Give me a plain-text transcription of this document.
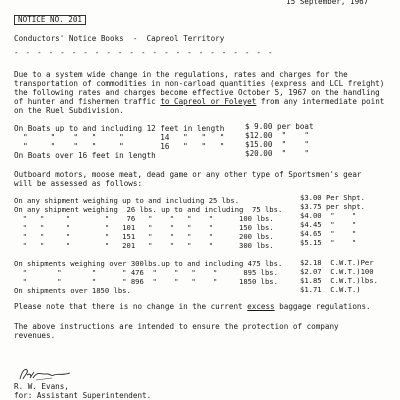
NOTICE NO. 201
15 September, 1967
Conductors' Notice Books  -  Capreol Territory
- - - - - - - - - - - - - - - - - - - - - - -
Due to a system wide change in the regulations, rates and charges for the
transportation of commodities in non-carload quantities (express and LCL freight)
the following rates and charges become effective October 5, 1967 on the handling
of hunter and fishermen traffic to Capreol or Foleyet from any intermediate point
on the Ruel Subdivision.
On Boats up to and including 12 feet in length	$ 9.00 per boat
"     "    "   "     "        14   "   "   "	$12.00  "    "
"     "    "   "     "        16   "   "   "	$15.00  "    "
On Boats over 16 feet in length	$20.00  "    "
Outboard motors, moose meat, dead game or any other type of Sportsmen's gear
will be assessed as follows:
On any shipment weighing up to and including 25 lbs.	$3.00 Per Shpt.
On any shipment weighing  26 lbs. up to and including  75 lbs. $3.75 per shpt.
"   "     "        "    76   "    "   "    "      100 lbs.	$4.00  "    "
"   "     "        "   101   "    "   "    "      150 lbs.	$4.45  "    "
"   "     "        "   151   "    "   "    "      200 lbs.	$4.65  "    "
"   "     "        "   201   "    "   "    "      300 lbs.	$5.15  "    "
On shipments weighing over 300lbs.up to and including 475 lbs. $2.18  C.W.T.)Per
"       "       "      " 476  "    "   "    "      895 lbs.	$2.07  C.W.T.)100
"       "       "      " 896  "    "   "    "     1850 lbs.	$1.85  C.W.T.)lbs.
On shipments over 1850 lbs.	$1.71  C.W.T.)
Please note that there is no change in the current excess baggage regulations.
The above instructions are intended to ensure the protection of company
revenues.
R. W. Evans,
for: Assistant Superintendent.
